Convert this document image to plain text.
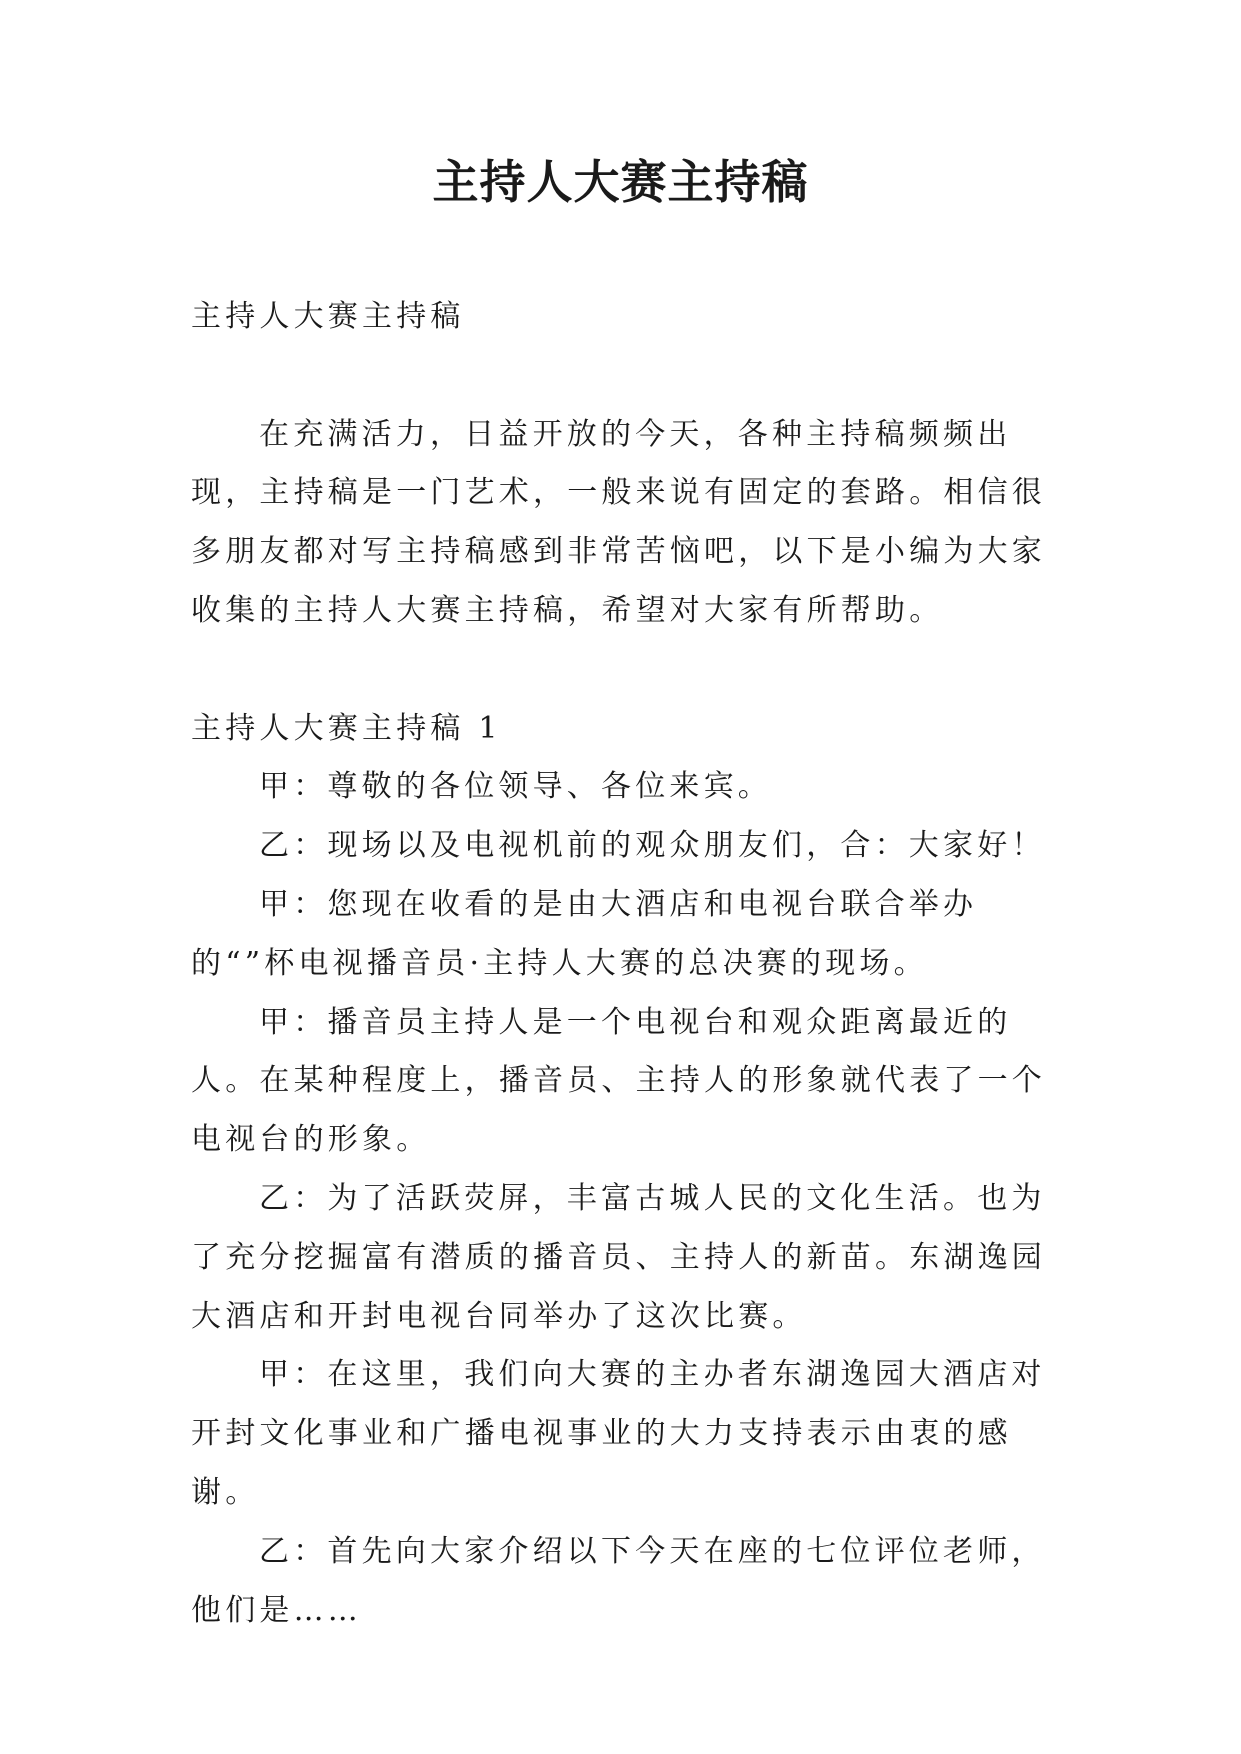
主持人大赛主持稿

主持人大赛主持稿

在充满活力，日益开放的今天，各种主持稿频频出现，主持稿是一门艺术，一般来说有固定的套路。相信很多朋友都对写主持稿感到非常苦恼吧，以下是小编为大家收集的主持人大赛主持稿，希望对大家有所帮助。

主持人大赛主持稿 1

甲：尊敬的各位领导、各位来宾。

乙：现场以及电视机前的观众朋友们，合：大家好！

甲：您现在收看的是由大酒店和电视台联合举办的“”杯电视播音员·主持人大赛的总决赛的现场。

甲：播音员主持人是一个电视台和观众距离最近的人。在某种程度上，播音员、主持人的形象就代表了一个电视台的形象。

乙：为了活跃荧屏，丰富古城人民的文化生活。也为了充分挖掘富有潜质的播音员、主持人的新苗。东湖逸园大酒店和开封电视台同举办了这次比赛。

甲：在这里，我们向大赛的主办者东湖逸园大酒店对开封文化事业和广播电视事业的大力支持表示由衷的感谢。

乙：首先向大家介绍以下今天在座的七位评位老师，他们是……
